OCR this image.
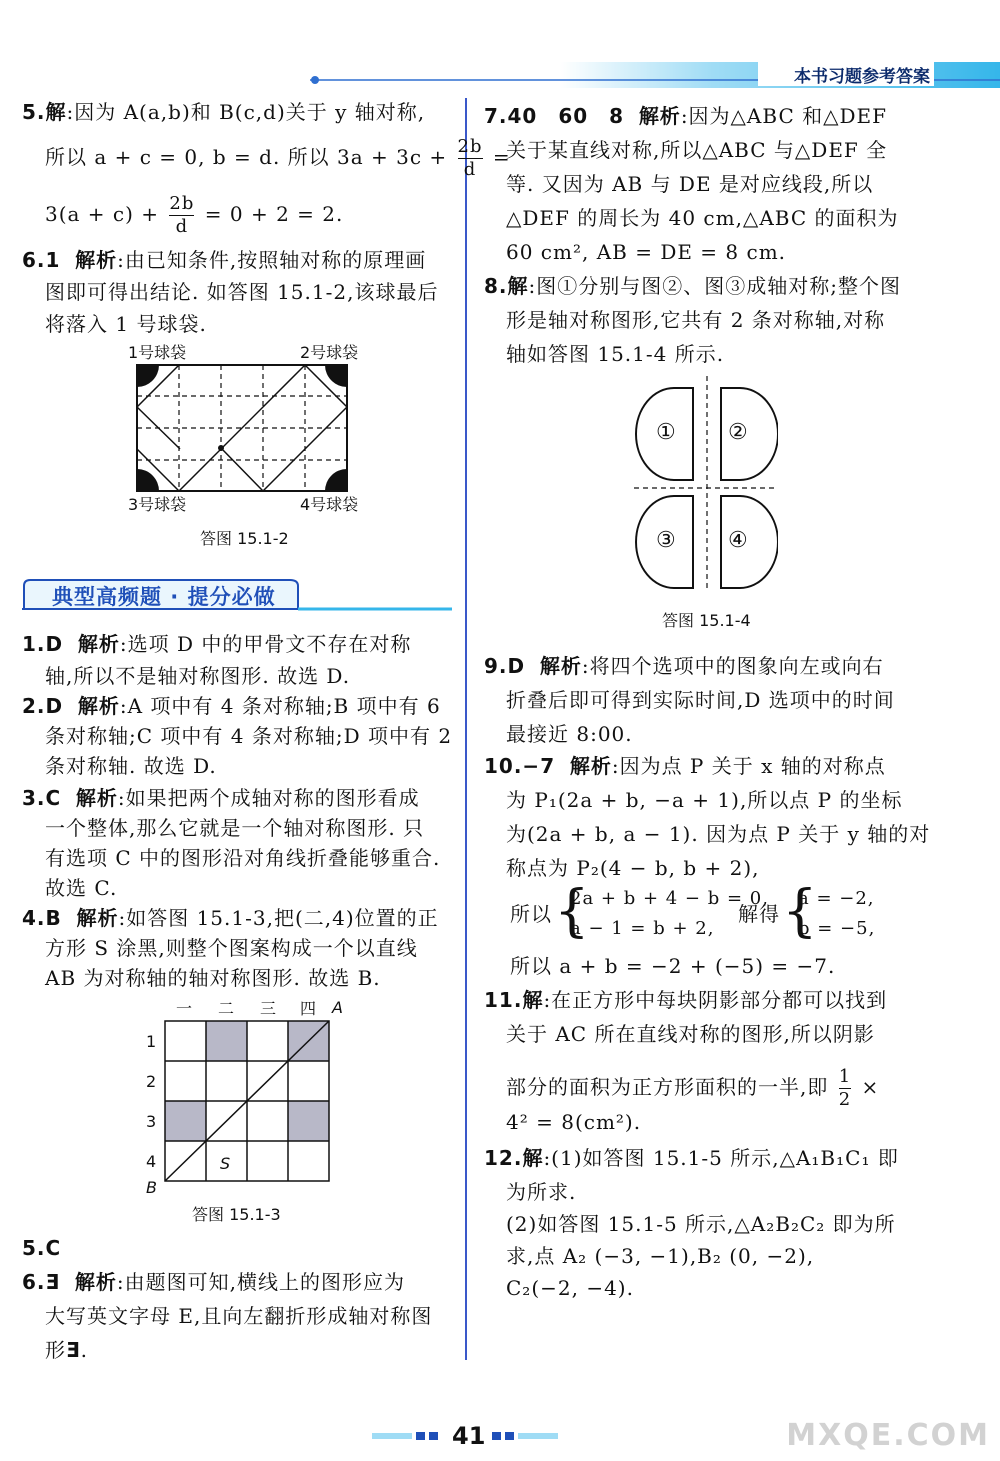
本书习题参考答案
5.解:因为 A(a,b)和 B(c,d)关于 y 轴对称,
所以 a + c = 0, b = d. 所以 $3a + 3c + \frac{2b}{d}$ =
$3(a + c) + \frac{2b}{d} = 0 + 2 = 2$.
6.1 解析:由已知条件,按照轴对称的原理画
图即可得出结论. 如答图 15.1-2,该球最后
将落入 1 号球袋.
1号球袋	2号球袋
3号球袋	4号球袋
答图 15.1-2
典型高频题 · 提分必做
1.D 解析:选项 D 中的甲骨文不存在对称
轴,所以不是轴对称图形. 故选 D.
2.D 解析:A 项中有 4 条对称轴;B 项中有 6
条对称轴;C 项中有 4 条对称轴;D 项中有 2
条对称轴. 故选 D.
3.C 解析:如果把两个成轴对称的图形看成
一个整体,那么它就是一个轴对称图形. 只
有选项 C 中的图形沿对角线折叠能够重合.
故选 C.
4.B 解析:如答图 15.1-3,把(二,4)位置的正
方形 S 涂黑,则整个图案构成一个以直线
AB 为对称轴的轴对称图形. 故选 B.
一 二 三 四 A
1
2
3
4
B
S
答图 15.1-3
5.C
6.Ǝ 解析:由题图可知,横线上的图形应为
大写英文字母 E,且向左翻折形成轴对称图
形Ǝ.
7.40　60　8 解析:因为△ABC 和△DEF
关于某直线对称,所以△ABC 与△DEF 全
等. 又因为 AB 与 DE 是对应线段,所以
△DEF 的周长为 40 cm,△ABC 的面积为
60 cm², AB = DE = 8 cm.
8.解:图①分别与图②、图③成轴对称;整个图
形是轴对称图形,它共有 2 条对称轴,对称
轴如答图 15.1-4 所示.
① ②
③ ④
答图 15.1-4
9.D 解析:将四个选项中的图象向左或向右
折叠后即可得到实际时间,D 选项中的时间
最接近 8:00.
10.−7 解析:因为点 P 关于 x 轴的对称点
为 P₁(2a + b, −a + 1),所以点 P 的坐标
为(2a + b, a − 1). 因为点 P 关于 y 轴的对
称点为 P₂(4 − b, b + 2),
所以 {
2a + b + 4 − b = 0,
a − 1 = b + 2,
解得 {
a = −2,
b = −5,
所以 a + b = −2 + (−5) = −7.
11.解:在正方形中每块阴影部分都可以找到
关于 AC 所在直线对称的图形,所以阴影
部分的面积为正方形面积的一半,即 $\frac{1}{2}$ ×
4² = 8(cm²).
12.解:(1)如答图 15.1-5 所示,△A₁B₁C₁ 即
为所求.
(2)如答图 15.1-5 所示,△A₂B₂C₂ 即为所
求,点 A₂ (−3, −1),B₂ (0, −2),
C₂(−2, −4).
41	MXQE.COM
